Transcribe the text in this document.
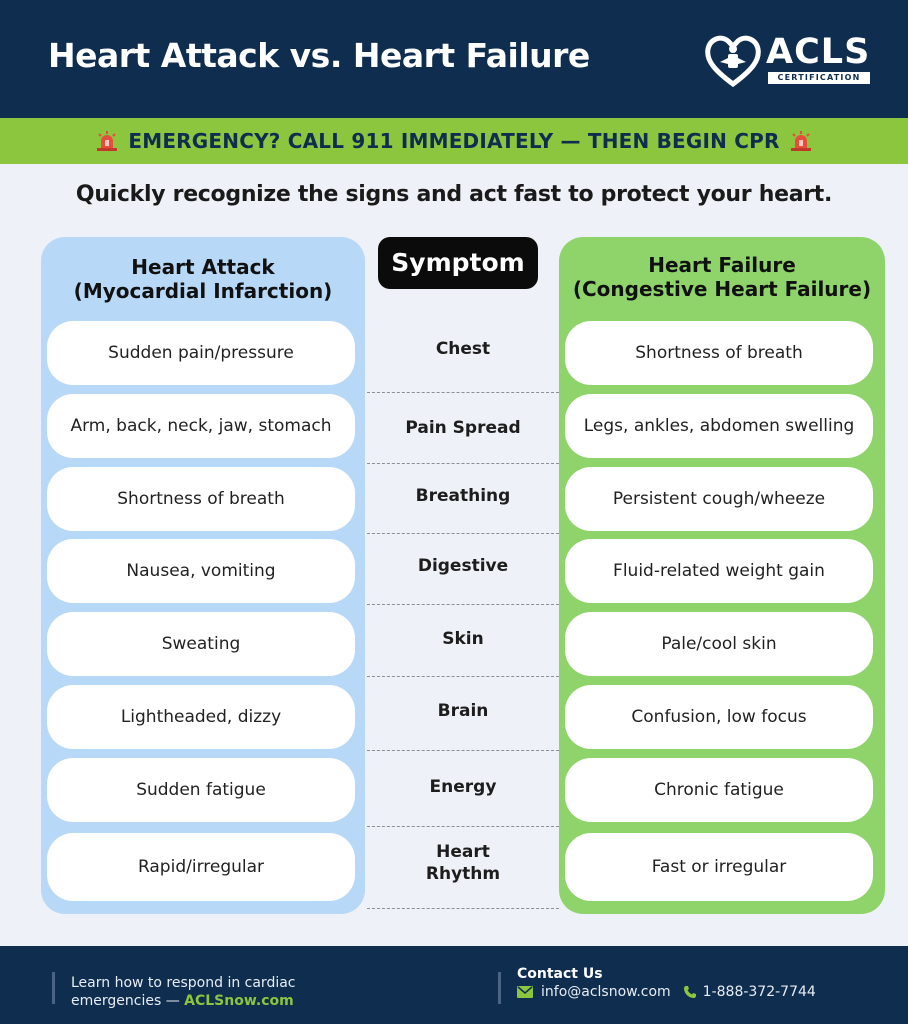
Heart Attack vs. Heart Failure	ACLS
CERTIFICATION
EMERGENCY? CALL 911 IMMEDIATELY — THEN BEGIN CPR
Quickly recognize the signs and act fast to protect your heart.
Heart Attack
(Myocardial Infarction)
Sudden pain/pressure
Arm, back, neck, jaw, stomach
Shortness of breath
Nausea, vomiting
Sweating
Lightheaded, dizzy
Sudden fatigue
Rapid/irregular
Symptom
Chest
Pain Spread
Breathing
Digestive
Skin
Brain
Energy
Heart Rhythm
Heart Failure
(Congestive Heart Failure)
Shortness of breath
Legs, ankles, abdomen swelling
Persistent cough/wheeze
Fluid-related weight gain
Pale/cool skin
Confusion, low focus
Chronic fatigue
Fast or irregular
Learn how to respond in cardiac
emergencies — ACLSnow.com
Contact Us
info@aclsnow.com 1-888-372-7744
